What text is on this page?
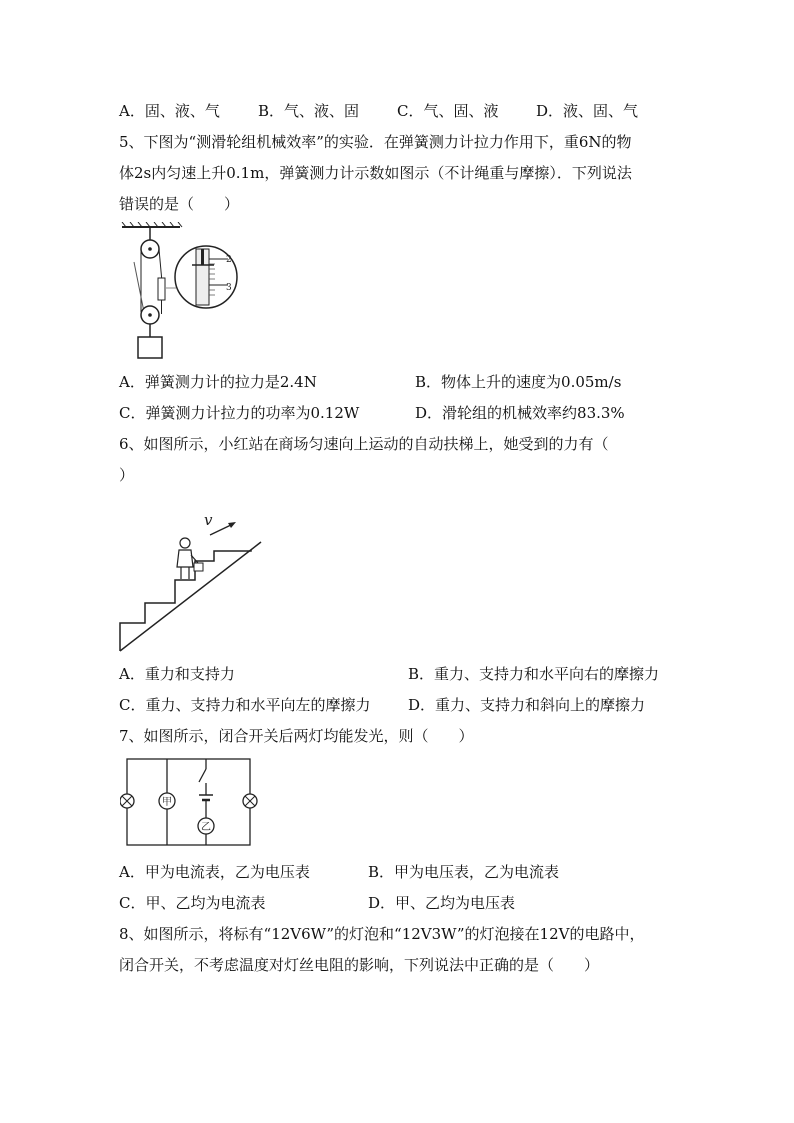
A．固、液、气	B．气、液、固	C．气、固、液	D．液、固、气
5、下图为“测滑轮组机械效率”的实验．在弹簧测力计拉力作用下，重6N的物
体2s内匀速上升0.1m，弹簧测力计示数如图示（不计绳重与摩擦）．下列说法
错误的是（　　）
2
3
A．弹簧测力计的拉力是2.4N	B．物体上升的速度为0.05m/s
C．弹簧测力计拉力的功率为0.12W	D．滑轮组的机械效率约83.3%
6、如图所示，小红站在商场匀速向上运动的自动扶梯上，她受到的力有（
）
v
A．重力和支持力	B．重力、支持力和水平向右的摩擦力
C．重力、支持力和水平向左的摩擦力	D．重力、支持力和斜向上的摩擦力
7、如图所示，闭合开关后两灯均能发光，则（　　）
甲
乙
A．甲为电流表，乙为电压表	B．甲为电压表，乙为电流表
C．甲、乙均为电流表	D．甲、乙均为电压表
8、如图所示，将标有“12V6W”的灯泡和“12V3W”的灯泡接在12V的电路中，
闭合开关，不考虑温度对灯丝电阻的影响，下列说法中正确的是（　　）
